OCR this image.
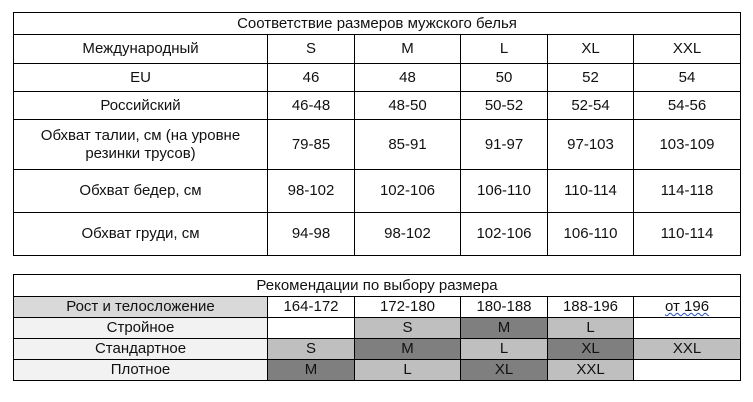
Соответствие размеров мужского белья					
Международный	S	M	L	XL	XXL
EU	46	48	50	52	54
Российский	46-48	48-50	50-52	52-54	54-56
Обхват талии, см (на уровне резинки трусов)	79-85	85-91	91-97	97-103	103-109
Обхват бедер, см	98-102	102-106	106-110	110-114	114-118
Обхват груди, см	94-98	98-102	102-106	106-110	110-114
Рекомендации по выбору размера					
Рост и телосложение	164-172	172-180	180-188	188-196	от 196
Стройное		S	M	L	
Стандартное	S	M	L	XL	XXL
Плотное	M	L	XL	XXL	
